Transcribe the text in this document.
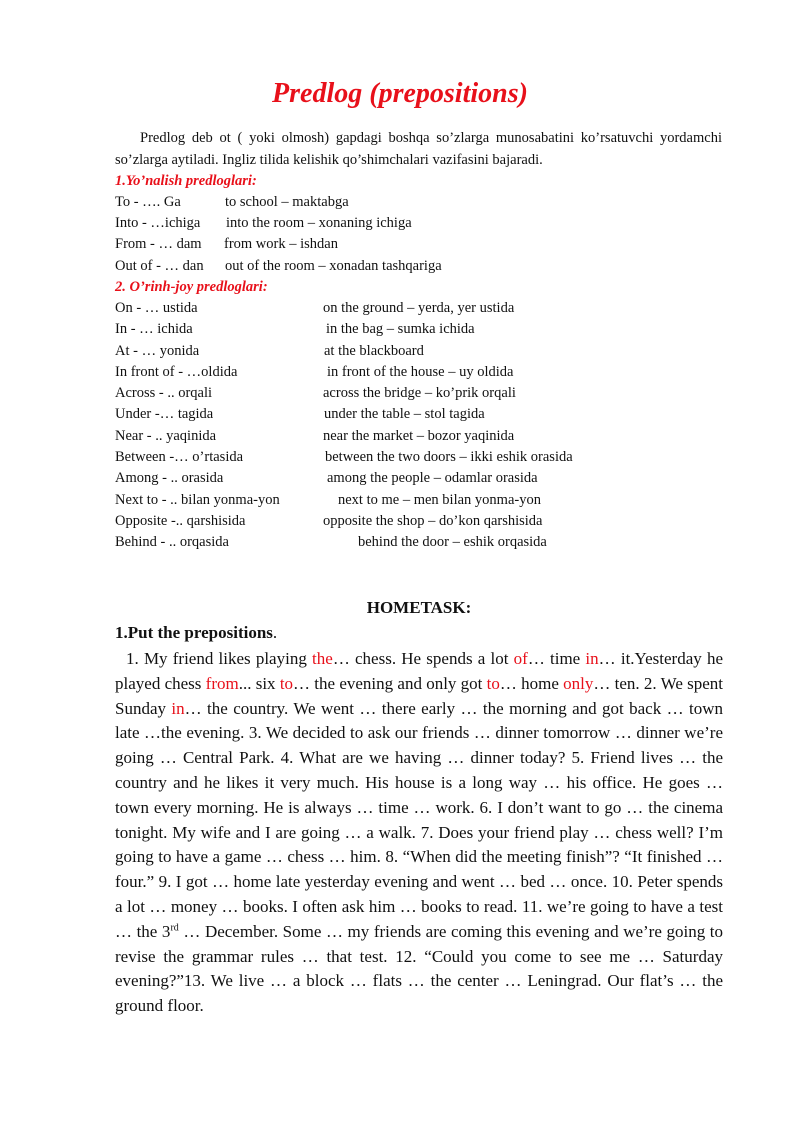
Predlog (prepositions)

Predlog deb ot ( yoki olmosh) gapdagi boshqa so’zlarga munosabatini ko’rsatuvchi yordamchi so’zlarga aytiladi. Ingliz tilida kelishik qo’shimchalari vazifasini bajaradi.

1.Yo’nalish predloglari:

To - …. Ga	to school – maktabga
Into - …ichiga into the room – xonaning ichiga
From - … dam from work – ishdan
Out of - … dan out of the room – xonadan tashqariga

2. O’rinh-joy predloglari:

On - … ustida	on the ground – yerda, yer ustida
In - … ichida	in the bag – sumka ichida
At - … yonida	at the blackboard
In front of - …oldida	in front of the house – uy oldida
Across - .. orqali	across the bridge – ko’prik orqali
Under -… tagida	under the table – stol tagida
Near - .. yaqinida	near the market – bozor yaqinida
Between -… o’rtasida	between the two doors – ikki eshik orasida
Among - .. orasida	among the people – odamlar orasida
Next to - .. bilan yonma-yon	next to me – men bilan yonma-yon
Opposite -.. qarshisida	opposite the shop – do’kon qarshisida
Behind - .. orqasida	behind the door – eshik orqasida
HOMETASK:

1.Put the prepositions.

1. My friend likes playing the… chess. He spends a lot of… time in… it.Yesterday he played chess from... six to… the evening and only got to… home only… ten. 2. We spent Sunday in… the country. We went … there early … the morning and got back … town late …the evening. 3. We decided to ask our friends … dinner tomorrow … dinner we’re going … Central Park. 4. What are we having … dinner today? 5. Friend lives … the country and he likes it very much. His house is a long way … his office. He goes … town every morning. He is always … time … work. 6. I don’t want to go … the cinema tonight. My wife and I are going … a walk. 7. Does your friend play … chess well? I’m going to have a game … chess … him. 8. “When did the meeting finish”? “It finished … four.” 9. I got … home late yesterday evening and went … bed … once. 10. Peter spends a lot … money … books. I often ask him … books to read. 11. we’re going to have a test … the 3rd … December. Some … my friends are coming this evening and we’re going to revise the grammar rules … that test. 12. “Could you come to see me … Saturday evening?”13. We live … a block … flats … the center … Leningrad. Our flat’s … the ground floor.
